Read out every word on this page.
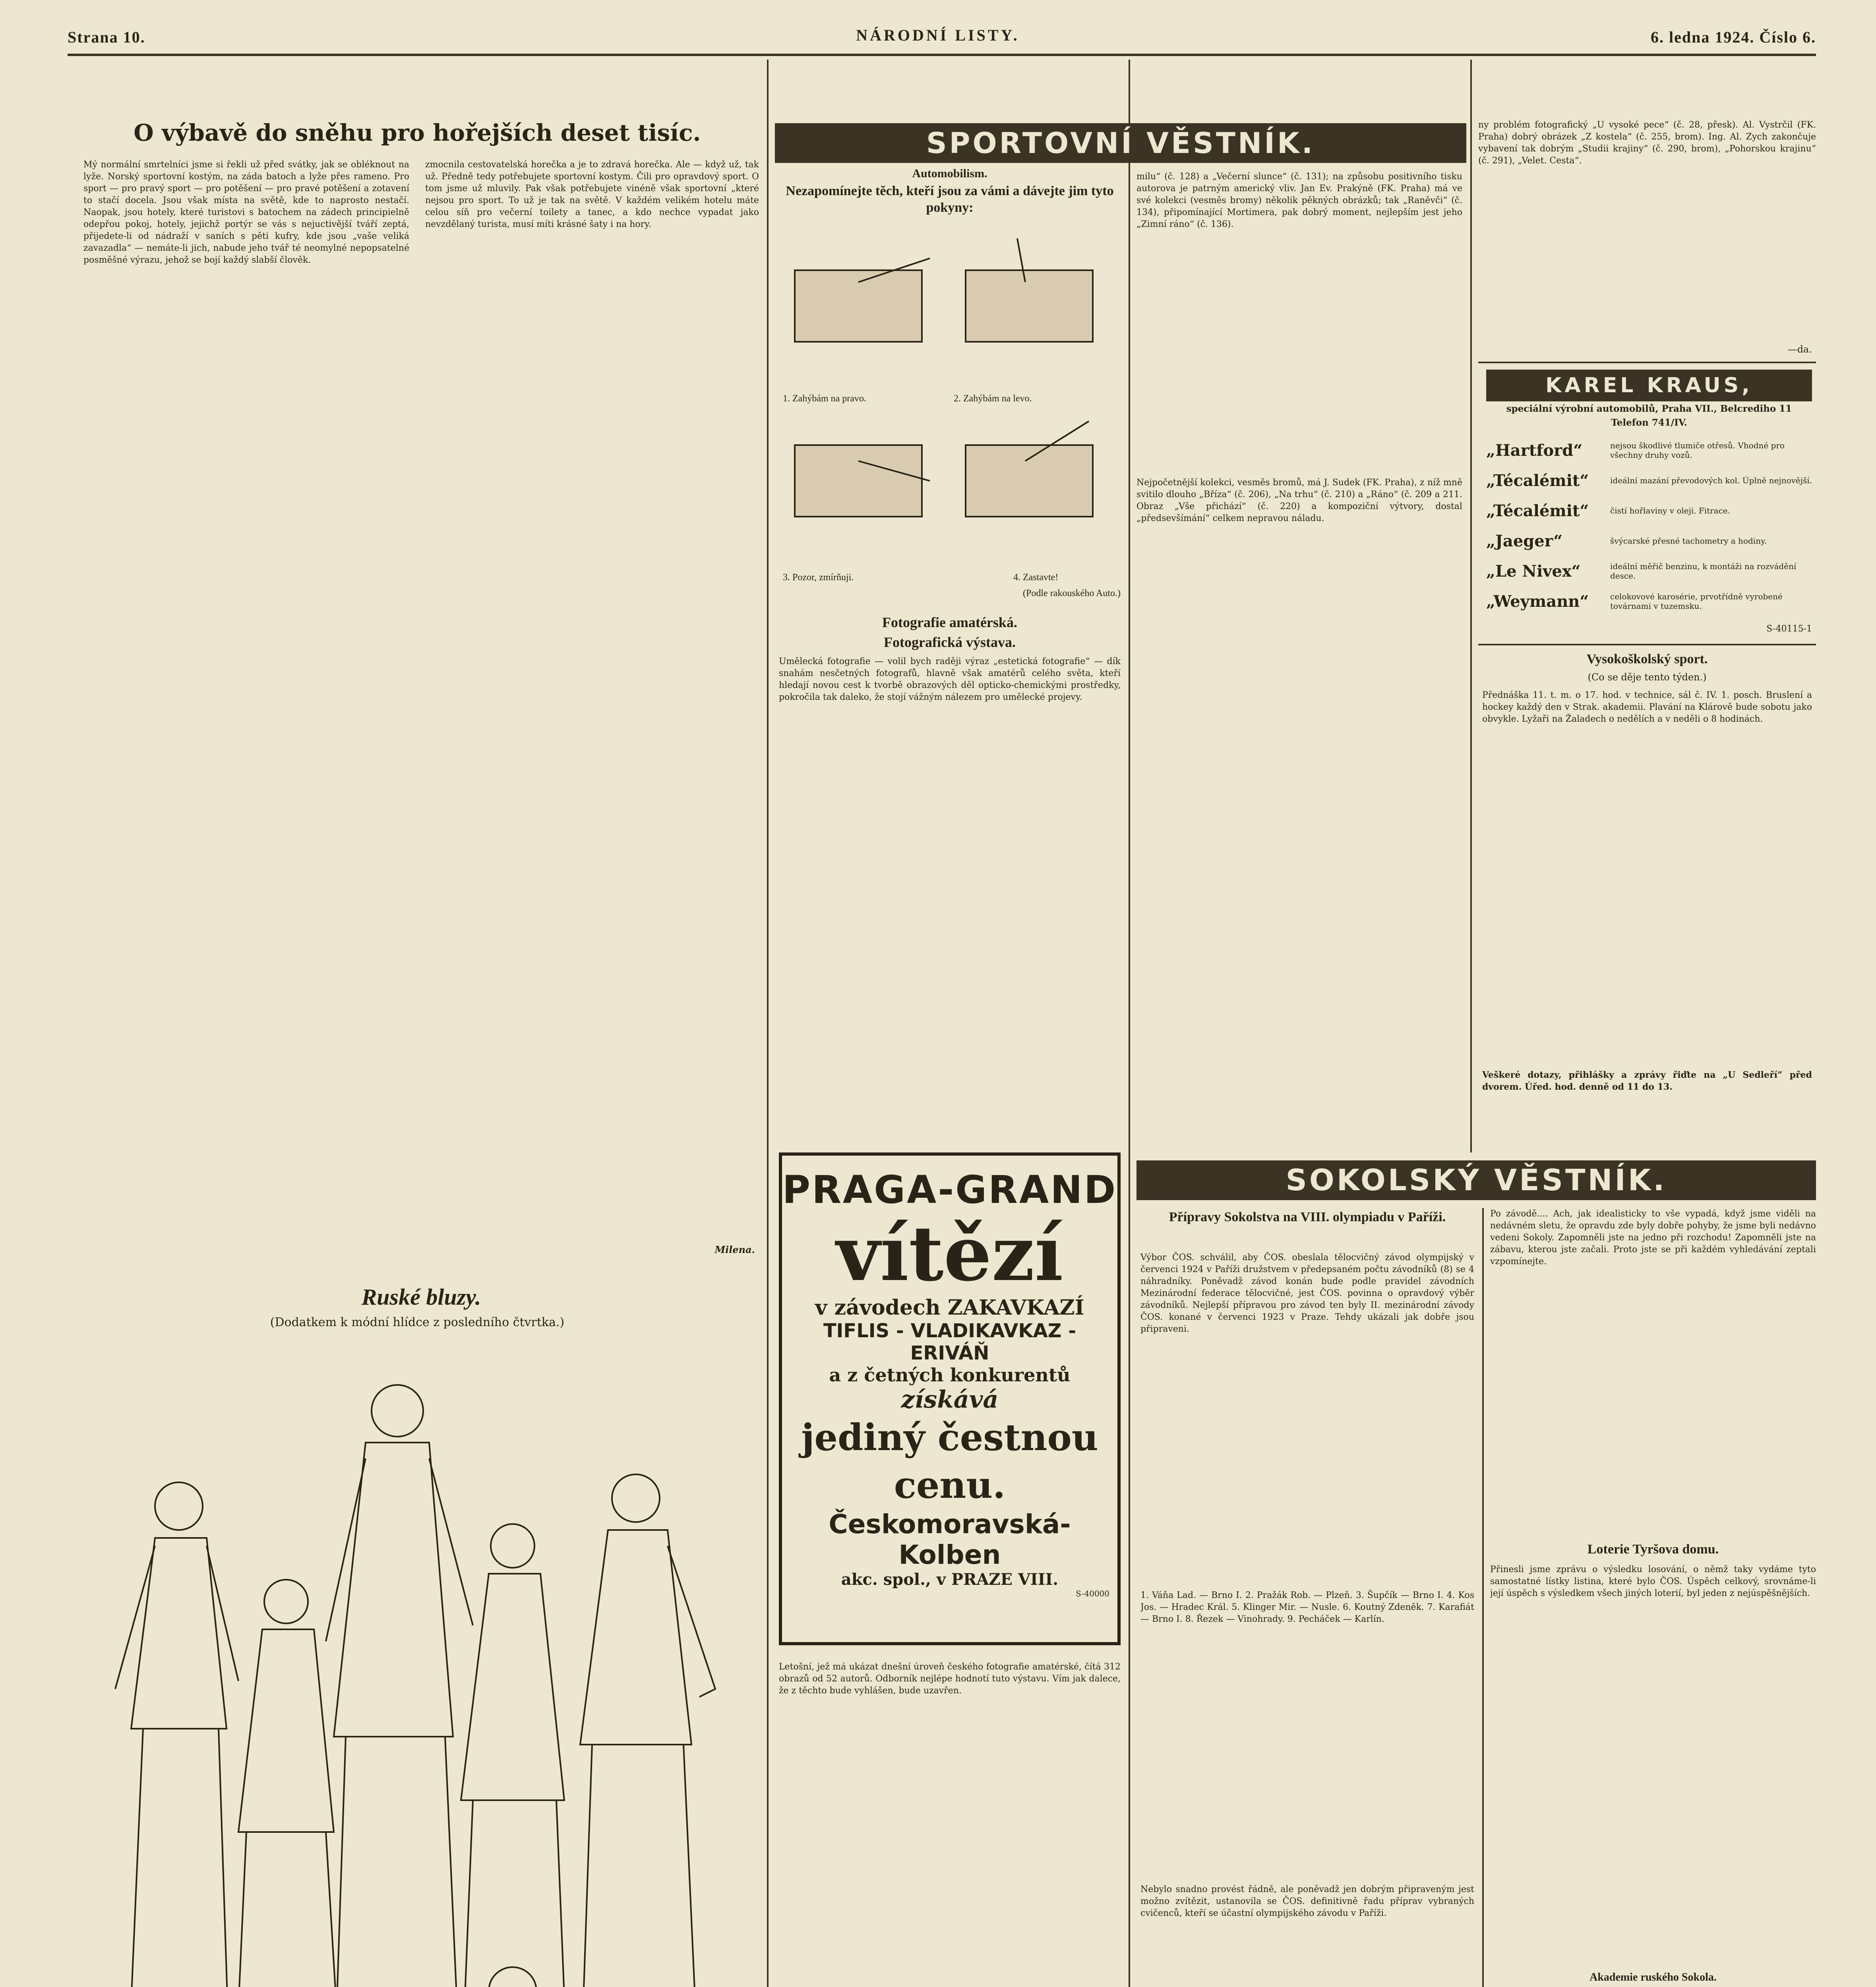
Strana 10.	NÁRODNÍ LISTY.	6. ledna 1924. Číslo 6.
O výbavě do sněhu pro hořejších deset tisíc.
Mý normální smrtelníci jsme si řekli už před svátky, jak se obléknout na lyže. Norský sportovní kostým, na záda batoch a lyže přes rameno. Pro sport — pro pravý sport — pro potěšení — pro pravé potěšení a zotavení to stačí docela. Jsou však místa na světě, kde to naprosto nestačí. Naopak, jsou hotely, které turistovi s batochem na zádech principielně odepřou pokoj, hotely, jejichž portýr se vás s nejuctivější tváří zeptá, přijedete-li od nádraží v saních s pěti kufry, kde jsou „vaše veliká zavazadla“ — nemáte-li jich, nabude jeho tvář té neomylné nepopsatelné posměšné výrazu, jehož se bojí každý slabší člověk.
zmocnila cestovatelská horečka a je to zdravá horečka. Ale — když už, tak už. Předně tedy potřebujete sportovní kostym. Čili pro opravdový sport. O tom jsme už mluvily. Pak však potřebujete vinéně však sportovní „které nejsou pro sport. To už je tak na světě. V každém velikém hotelu máte celou síň pro večerní toilety a tanec, a kdo nechce vypadat jako nevzdělaný turista, musí míti krásné šaty i na hory.
Milena.
Ruské bluzy.
(Dodatkem k módní hlídce z posledního čtvrtka.)
SPORTOVNÍ VĚSTNÍK.
Automobilism.
Nezapomínejte těch, kteří jsou za vámi a dávejte jim tyto pokyny:
1. Zahýbám na pravo.	2. Zahýbám na levo.
3. Pozor, zmírňuji.	4. Zastavte!
(Podle rakouského Auto.)
Fotografie amatérská.
Fotografická výstava.
Umělecká fotografie — volil bych raději výraz „estetická fotografie“ — dík snahám nesčetných fotografů, hlavně však amatérů celého světa, kteří hledají novou cest k tvorbě obrazových děl opticko-chemickými prostředky, pokročila tak daleko, že stojí vážným nálezem pro umělecké projevy.
milu“ (č. 128) a „Večerní slunce“ (č. 131); na způsobu positivního tisku autorova je patrným americký vliv. Jan Ev. Prakýně (FK. Praha) má ve své kolekci (vesměs bromy) několik pěkných obrázků; tak „Raněvči“ (č. 134), připomínající Mortimera, pak dobrý moment, nejlepším jest jeho „Zimní ráno“ (č. 136).
Nejpočetnější kolekci, vesměs bromů, má J. Sudek (FK. Praha), z níž mně svitilo dlouho „Bříza“ (č. 206), „Na trhu“ (č. 210) a „Ráno“ (č. 209 a 211. Obraz „Vše přichází“ (č. 220) a kompoziční výtvory, dostal „předsevšímání“ celkem nepravou náladu.
ny problém fotografický „U vysoké pece“ (č. 28, přesk). Al. Vystrčil (FK. Praha) dobrý obrázek „Z kostela“ (č. 255, brom). Ing. Al. Zych zakončuje vybavení tak dobrým „Studii krajiny“ (č. 290, brom), „Pohorskou krajinu“ (č. 291), „Velet. Cesta“.
—da.
KAREL KRAUS,
speciální výrobní automobilů, Praha VII., Belcrediho 11
Telefon 741/IV.
„Hartford“	nejsou škodlivé tlumiče otřesů. Vhodné pro všechny druhy vozů.
„Técalémit“	ideální mazání převodových kol. Úplně nejnovější.
„Técalémit“	čistí hořlaviny v oleji. Fitrace.
„Jaeger“	švýcarské přesné tachometry a hodiny.
„Le Nivex“	ideální měřič benzinu, k montáži na rozvádění desce.
„Weymann“	celokovové karosérie, prvotřídně vyrobené továrnami v tuzemsku.
S-40115-1
Vysokoškolský sport.
(Co se děje tento týden.)
Přednáška 11. t. m. o 17. hod. v technice, sál č. IV. 1. posch. Bruslení a hockey každý den v Strak. akademii. Plavání na Klárově bude sobotu jako obvykle. Lyžaři na Žaladech o nedělích a v neděli o 8 hodinách.
Veškeré dotazy, přihlášky a zprávy řiďte na „U Sedleří“ před dvorem. Úřed. hod. denně od 11 do 13.
PRAGA-GRAND
vítězí
v závodech ZAKAVKAZÍ
TIFLIS - VLADIKAVKAZ - ERIVÁŇ
a z četných konkurentů
získává
jediný čestnou cenu.
Českomoravská-Kolben
akc. spol., v PRAZE VIII.
S-40000
Letošní, jež má ukázat dnešní úroveň českého fotografie amatérské, čítá 312 obrazů od 52 autorů. Odborník nejlépe hodnotí tuto výstavu. Vím jak dalece, že z těchto bude vyhlášen, bude uzavřen.
SOKOLSKÝ VĚSTNÍK.
Přípravy Sokolstva na VIII. olympiadu v Paříži.
Výbor ČOS. schválil, aby ČOS. obeslala tělocvičný závod olympijský v červenci 1924 v Paříži družstvem v předepsaném počtu závodníků (8) se 4 náhradníky. Poněvadž závod konán bude podle pravidel závodních Mezinárodní federace tělocvičné, jest ČOS. povinna o opravdový výběr závodníků. Nejlepší přípravou pro závod ten byly II. mezinárodní závody ČOS. konané v červenci 1923 v Praze. Tehdy ukázali jak dobře jsou připraveni.
1. Váňa Lad. — Brno I. 2. Pražák Rob. — Plzeň. 3. Šupčík — Brno I. 4. Kos Jos. — Hradec Král. 5. Klinger Mir. — Nusle. 6. Koutný Zdeněk. 7. Karafiát — Brno I. 8. Řezek — Vinohrady. 9. Pecháček — Karlín.
Nebylo snadno provést řádně, ale poněvadž jen dobrým připraveným jest možno zvítězit, ustanovila se ČOS. definitivně řadu příprav vybraných cvičenců, kteří se účastní olympijského závodu v Paříži.
Po závodě.... Ach, jak idealisticky to vše vypadá, když jsme viděli na nedávném sletu, že opravdu zde byly dobře pohyby, že jsme byli nedávno vedeni Sokoly. Zapomněli jste na jedno při rozchodu! Zapomněli jste na zábavu, kterou jste začali. Proto jste se při každém vyhledávání zeptali vzpomínejte.
Loterie Tyršova domu.
Přinesli jsme zprávu o výsledku losování, o němž taky vydáme tyto samostatné lístky listina, které bylo ČOS. Úspěch celkový, srovnáme-li její úspěch s výsledkem všech jiných loterií, byl jeden z nejúspěšnějších.
Akademie ruského Sokola.
